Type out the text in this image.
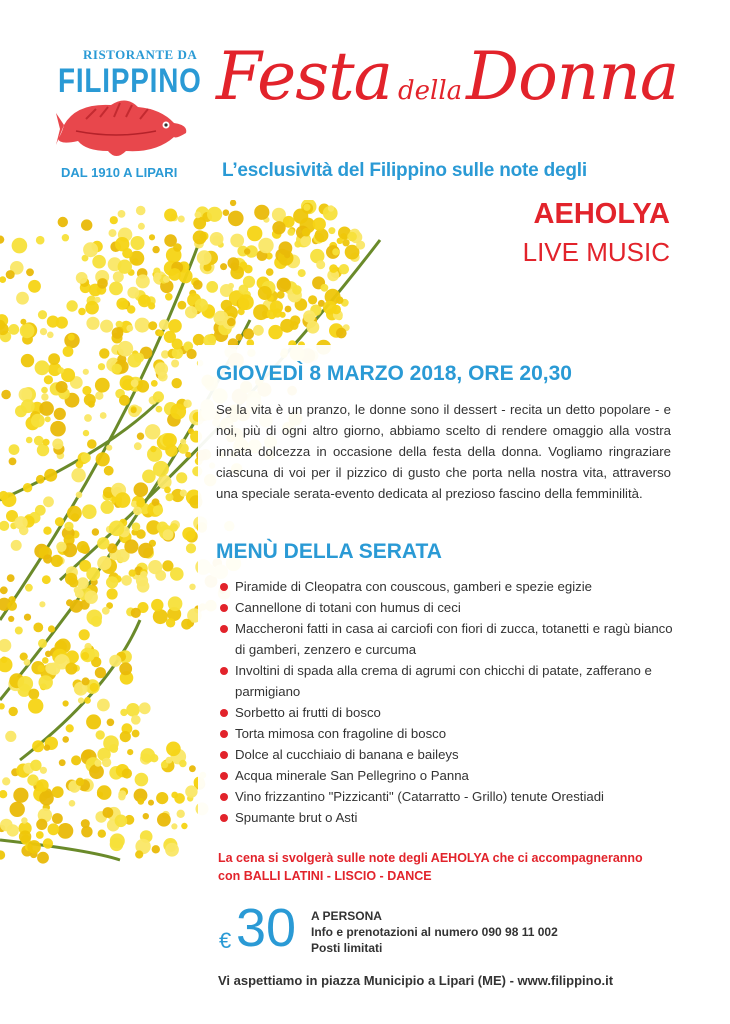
RISTORANTE DA
FILIPPINO
DAL 1910 A LIPARI
Festa dellaDonna
L’esclusività del Filippino sulle note degli
AEHOLYA
LIVE MUSIC
GIOVEDÌ 8 MARZO 2018, ORE 20,30
Se la vita è un pranzo, le donne sono il dessert - recita un detto popolare - e noi, più di ogni altro giorno, abbiamo scelto di rendere omaggio alla vostra innata dolcezza in occasione della festa della donna. Vogliamo ringraziare ciascuna di voi per il pizzico di gusto che porta nella nostra vita, attraverso una speciale serata-evento dedicata al prezioso fascino della femminilità.
MENÙ DELLA SERATA
Piramide di Cleopatra con couscous, gamberi e spezie egizie
Cannellone di totani con humus di ceci
Maccheroni fatti in casa ai carciofi con fiori di zucca, totanetti e ragù bianco di gamberi, zenzero e curcuma
Involtini di spada alla crema di agrumi con chicchi di patate, zafferano e parmigiano
Sorbetto ai frutti di bosco
Torta mimosa con fragoline di bosco
Dolce al cucchiaio di banana e baileys
Acqua minerale San Pellegrino o Panna
Vino frizzantino "Pizzicanti" (Catarratto - Grillo) tenute Orestiadi
Spumante brut o Asti
La cena si svolgerà sulle note degli AEHOLYA che ci accompagneranno
con BALLI LATINI - LISCIO - DANCE
€ 30 A PERSONA
Info e prenotazioni al numero 090 98 11 002
Posti limitati
Vi aspettiamo in piazza Municipio a Lipari (ME) - www.filippino.it
